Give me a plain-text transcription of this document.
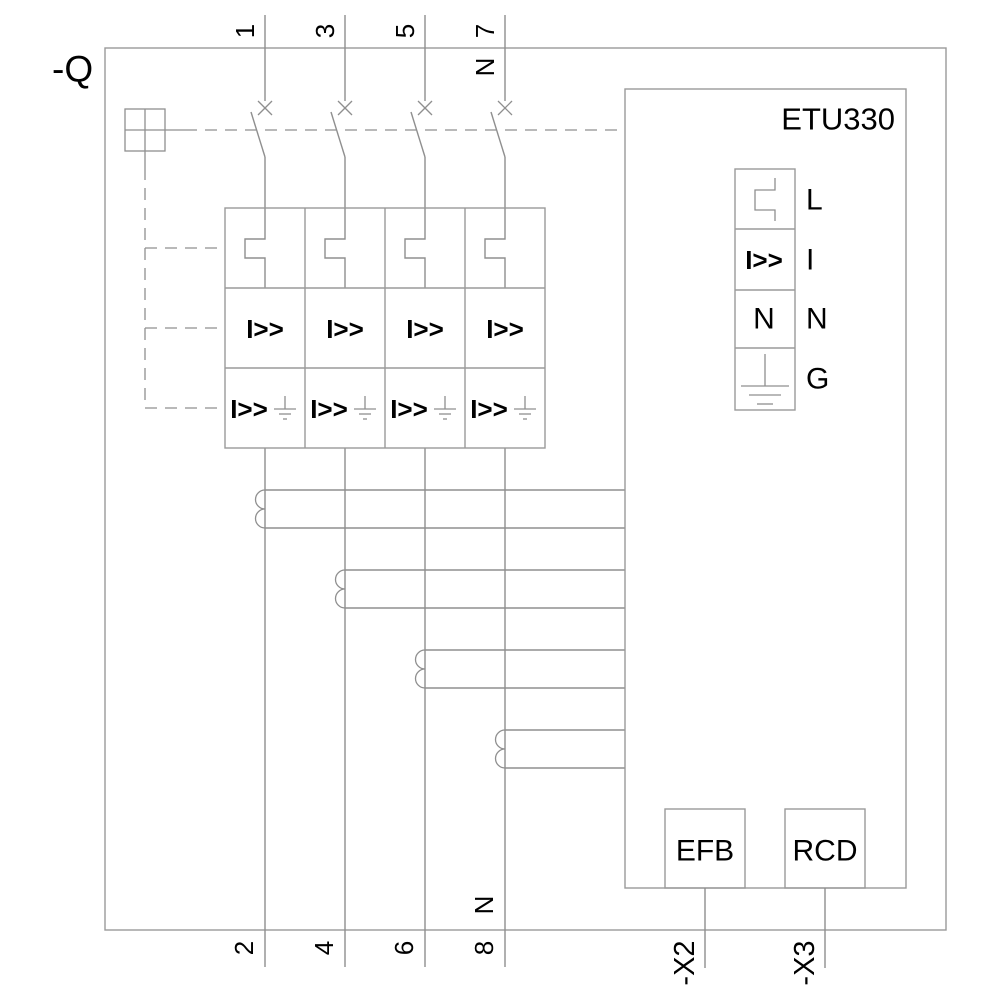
-Q
I>> I>> I>> I>>
I>> I>> I>> I>>
ETU330
I>>
N
L
I
N
G
EFB RCD
-X2	-X3
1 3 5 7
N
2 4 6 8
N
